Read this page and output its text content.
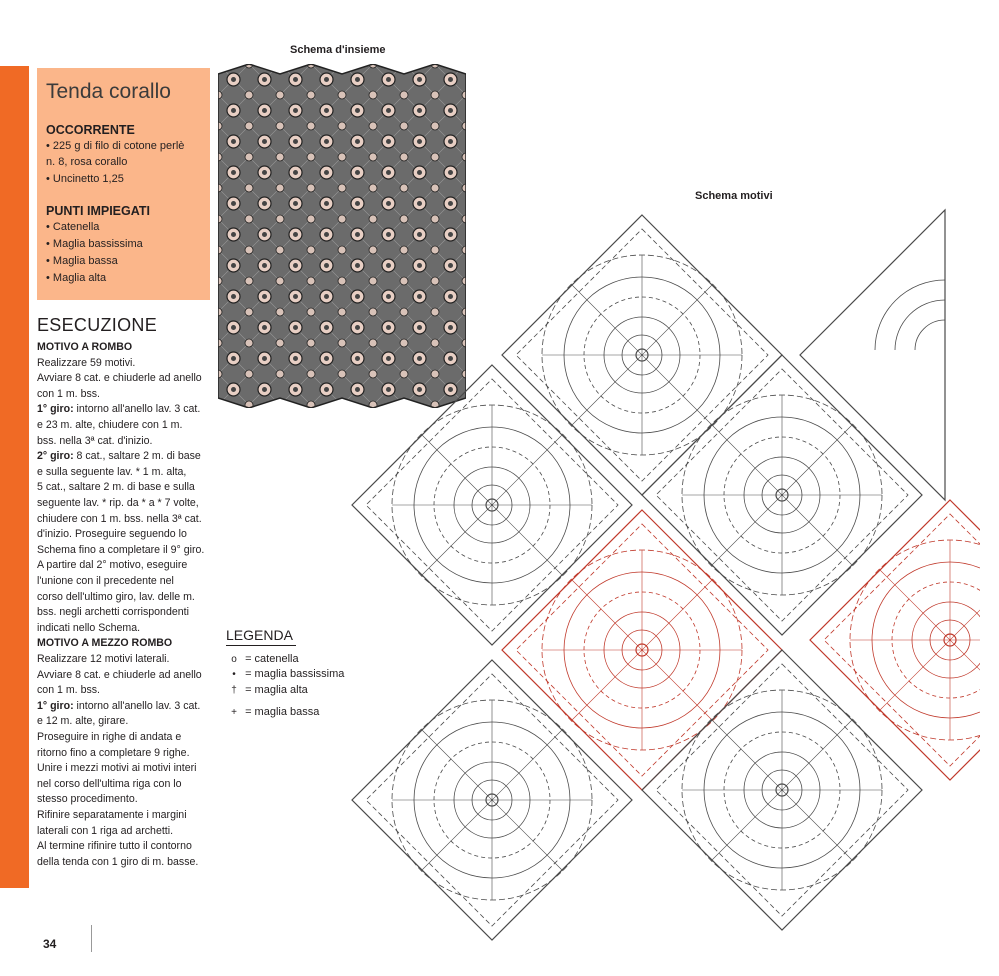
Tenda corallo
OCCORRENTE
• 225 g di filo di cotone perlè
n. 8, rosa corallo
• Uncinetto 1,25
PUNTI IMPIEGATI
• Catenella
• Maglia bassissima
• Maglia bassa
• Maglia alta
ESECUZIONE
MOTIVO A ROMBO
Realizzare 59 motivi.
Avviare 8 cat. e chiuderle ad anello
con 1 m. bss.
1° giro: intorno all'anello lav. 3 cat.
e 23 m. alte, chiudere con 1 m.
bss. nella 3ª cat. d'inizio.
2° giro: 8 cat., saltare 2 m. di base
e sulla seguente lav. * 1 m. alta,
5 cat., saltare 2 m. di base e sulla
seguente lav. * rip. da * a * 7 volte,
chiudere con 1 m. bss. nella 3ª cat.
d'inizio. Proseguire seguendo lo
Schema fino a completare il 9° giro.
A partire dal 2° motivo, eseguire
l'unione con il precedente nel
corso dell'ultimo giro, lav. delle m.
bss. negli archetti corrispondenti
indicati nello Schema.
MOTIVO A MEZZO ROMBO
Realizzare 12 motivi laterali.
Avviare 8 cat. e chiuderle ad anello
con 1 m. bss.
1° giro: intorno all'anello lav. 3 cat.
e 12 m. alte, girare.
Proseguire in righe di andata e
ritorno fino a completare 9 righe.
Unire i mezzi motivi ai motivi interi
nel corso dell'ultima riga con lo
stesso procedimento.
Rifinire separatamente i margini
laterali con 1 riga ad archetti.
Al termine rifinire tutto il contorno
della tenda con 1 giro di m. basse.
Schema d'insieme
Schema motivi
LEGENDA
o = catenella
• = maglia bassissima
† = maglia alta
+ = maglia bassa
34
